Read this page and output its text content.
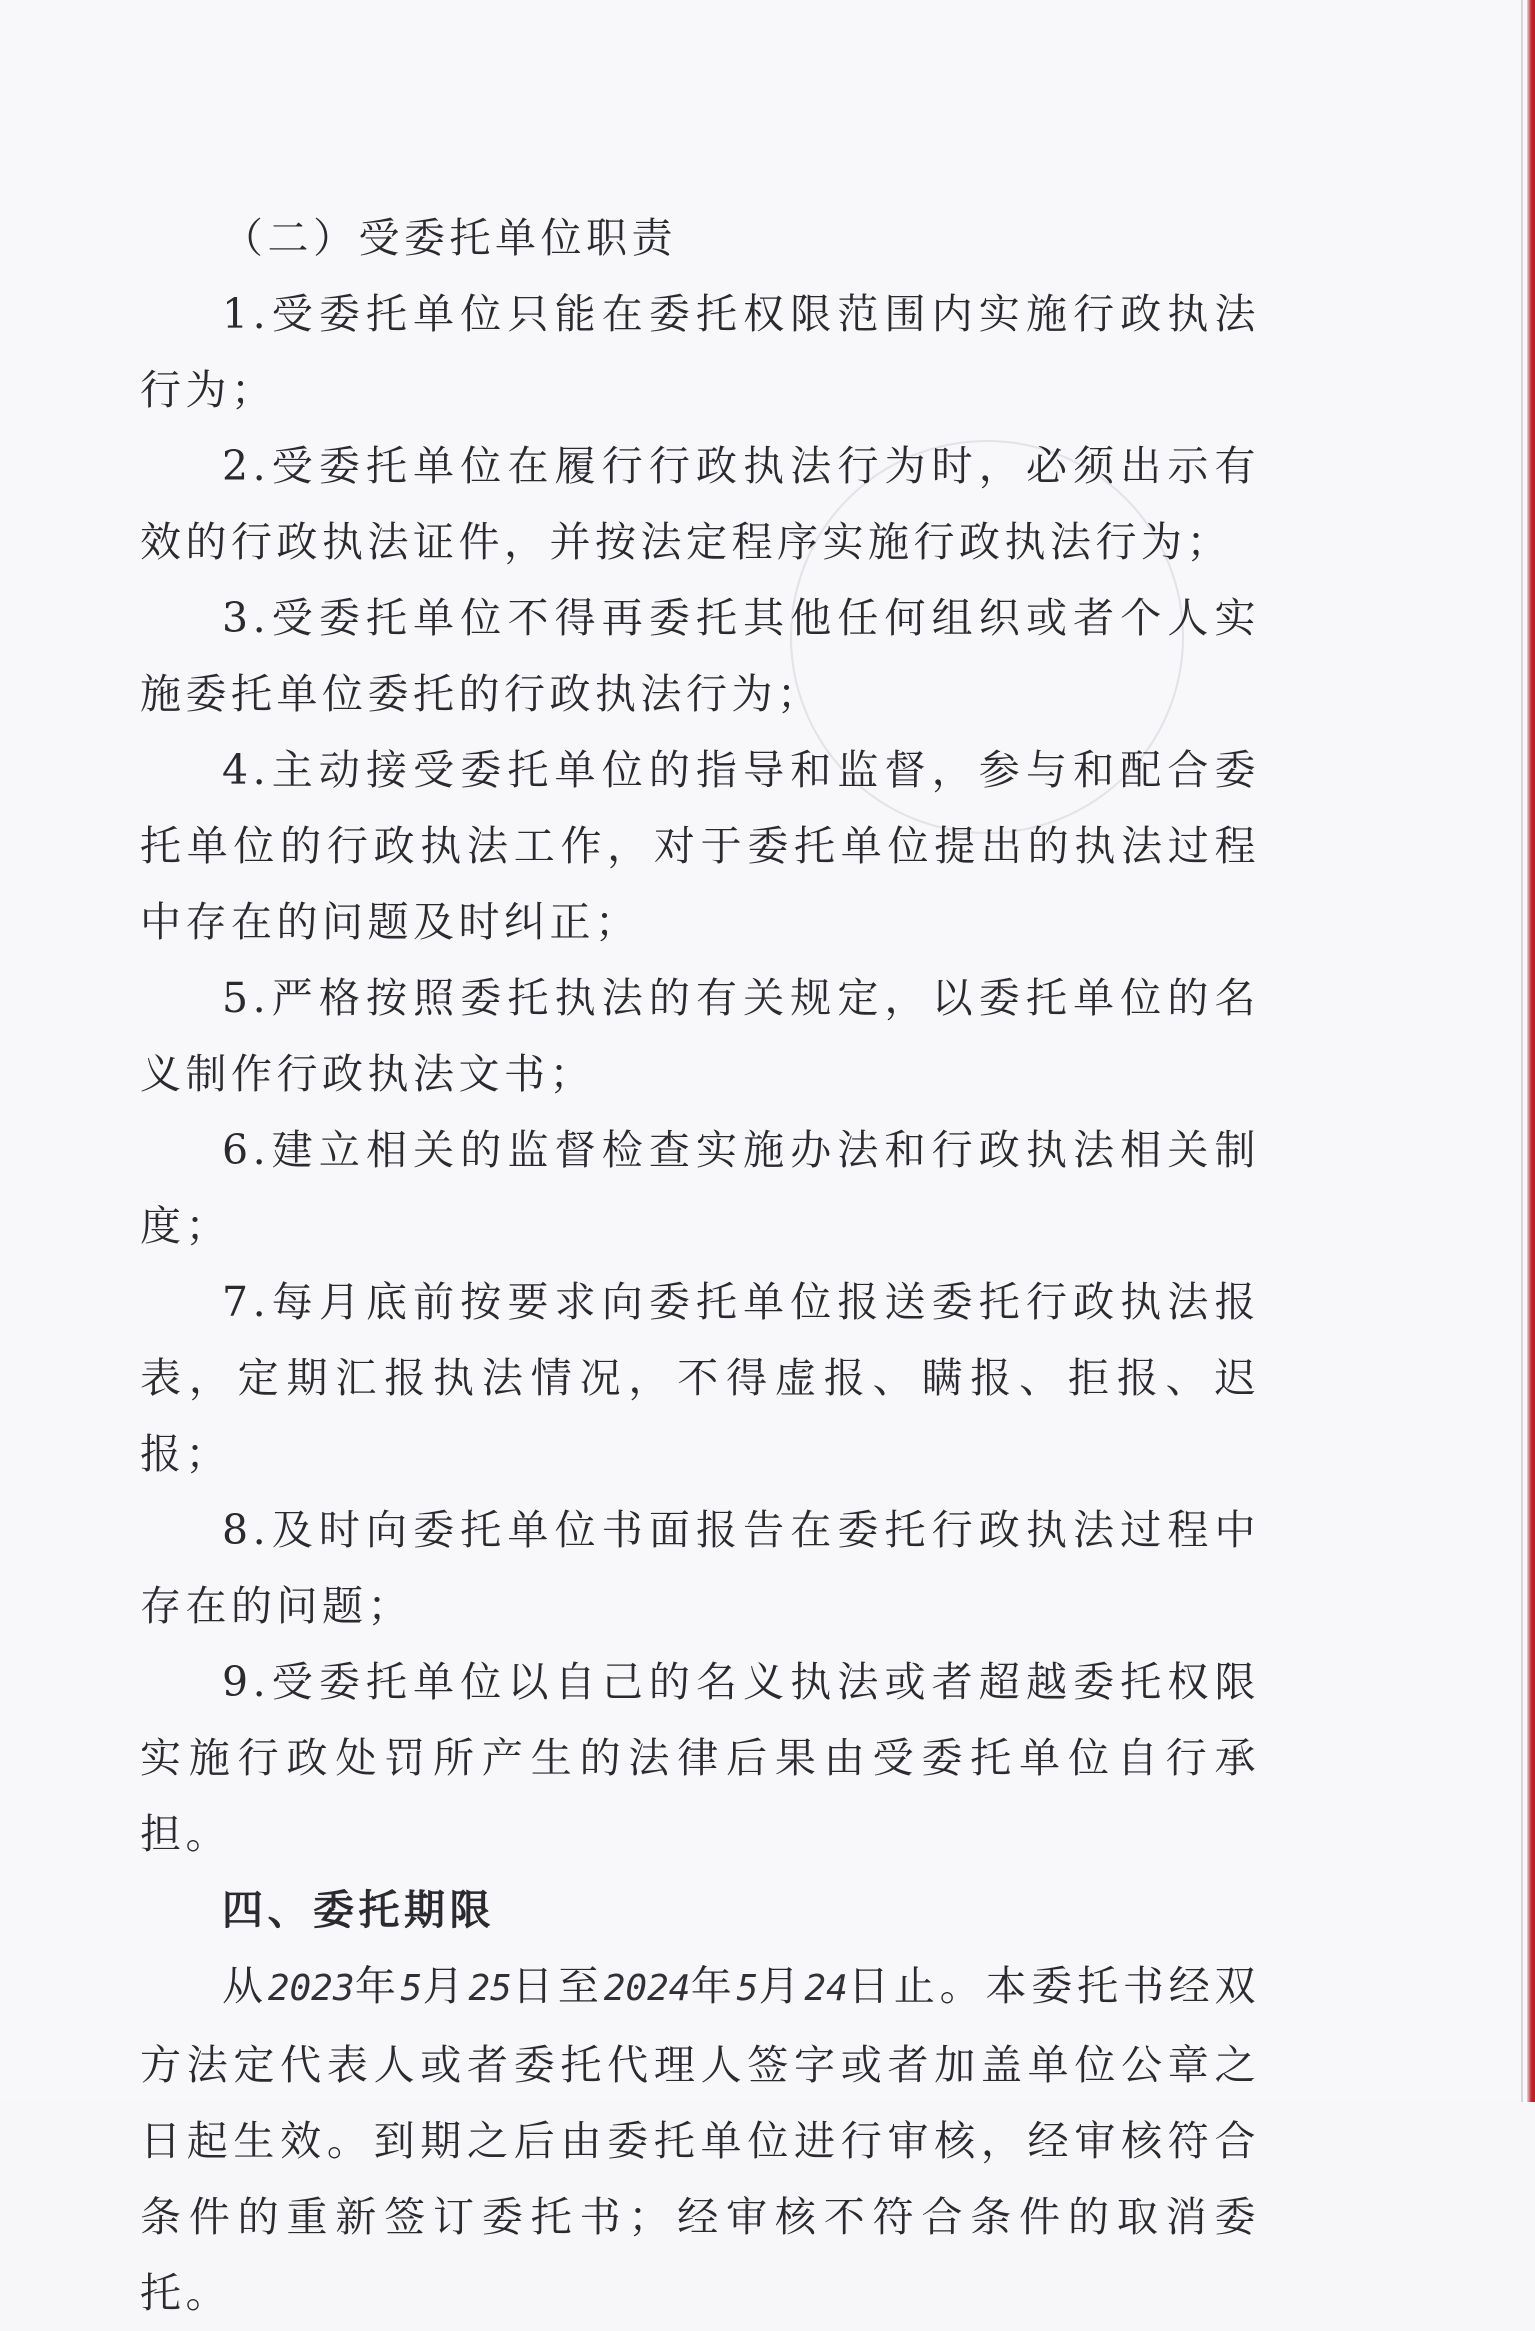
（二）受委托单位职责

1.受委托单位只能在委托权限范围内实施行政执法行为；

2.受委托单位在履行行政执法行为时，必须出示有效的行政执法证件，并按法定程序实施行政执法行为；

3.受委托单位不得再委托其他任何组织或者个人实施委托单位委托的行政执法行为；

4.主动接受委托单位的指导和监督，参与和配合委托单位的行政执法工作，对于委托单位提出的执法过程中存在的问题及时纠正；

5.严格按照委托执法的有关规定，以委托单位的名义制作行政执法文书；

6.建立相关的监督检查实施办法和行政执法相关制度；

7.每月底前按要求向委托单位报送委托行政执法报表，定期汇报执法情况，不得虚报、瞒报、拒报、迟报；

8.及时向委托单位书面报告在委托行政执法过程中存在的问题；

9.受委托单位以自己的名义执法或者超越委托权限实施行政处罚所产生的法律后果由受委托单位自行承担。

四、委托期限

从2023年5月25日至2024年5月24日止。本委托书经双方法定代表人或者委托代理人签字或者加盖单位公章之日起生效。到期之后由委托单位进行审核，经审核符合条件的重新签订委托书；经审核不符合条件的取消委托。
